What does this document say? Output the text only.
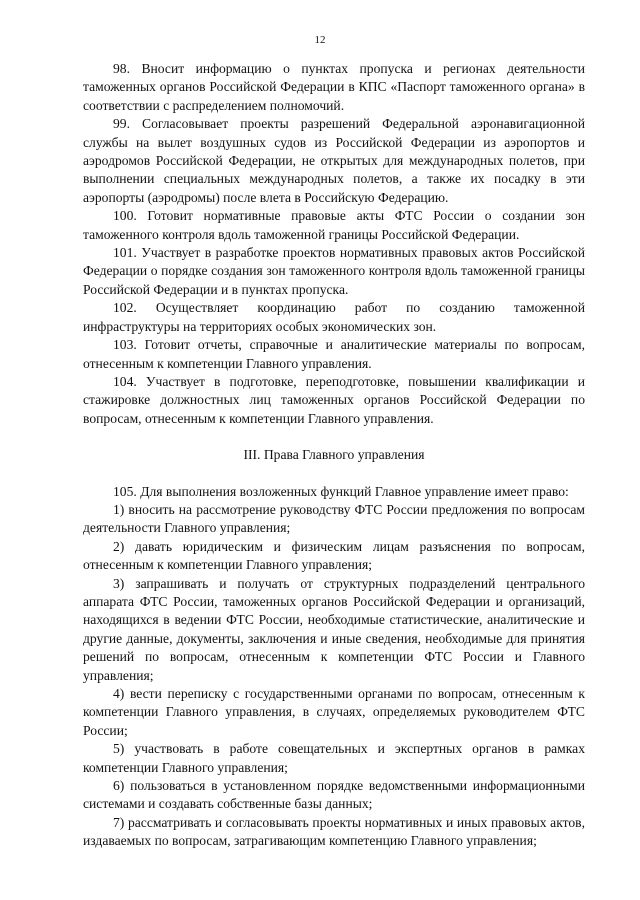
12

98. Вносит информацию о пунктах пропуска и регионах деятельности таможенных органов Российской Федерации в КПС «Паспорт таможенного органа» в соответствии с распределением полномочий.

99. Согласовывает проекты разрешений Федеральной аэронавигационной службы на вылет воздушных судов из Российской Федерации из аэропортов и аэродромов Российской Федерации, не открытых для международных полетов, при выполнении специальных международных полетов, а также их посадку в эти аэропорты (аэродромы) после влета в Российскую Федерацию.

100. Готовит нормативные правовые акты ФТС России о создании зон таможенного контроля вдоль таможенной границы Российской Федерации.

101. Участвует в разработке проектов нормативных правовых актов Российской Федерации о порядке создания зон таможенного контроля вдоль таможенной границы Российской Федерации и в пунктах пропуска.

102. Осуществляет координацию работ по созданию таможенной инфраструктуры на территориях особых экономических зон.

103. Готовит отчеты, справочные и аналитические материалы по вопросам, отнесенным к компетенции Главного управления.

104. Участвует в подготовке, переподготовке, повышении квалификации и стажировке должностных лиц таможенных органов Российской Федерации по вопросам, отнесенным к компетенции Главного управления.

III. Права Главного управления

105. Для выполнения возложенных функций Главное управление имеет право:

1) вносить на рассмотрение руководству ФТС России предложения по вопросам деятельности Главного управления;

2) давать юридическим и физическим лицам разъяснения по вопросам, отнесенным к компетенции Главного управления;

3) запрашивать и получать от структурных подразделений центрального аппарата ФТС России, таможенных органов Российской Федерации и организаций, находящихся в ведении ФТС России, необходимые статистические, аналитические и другие данные, документы, заключения и иные сведения, необходимые для принятия решений по вопросам, отнесенным к компетенции ФТС России и Главного управления;

4) вести переписку с государственными органами по вопросам, отнесенным к компетенции Главного управления, в случаях, определяемых руководителем ФТС России;

5) участвовать в работе совещательных и экспертных органов в рамках компетенции Главного управления;

6) пользоваться в установленном порядке ведомственными информационными системами и создавать собственные базы данных;

7) рассматривать и согласовывать проекты нормативных и иных правовых актов, издаваемых по вопросам, затрагивающим компетенцию Главного управления;
